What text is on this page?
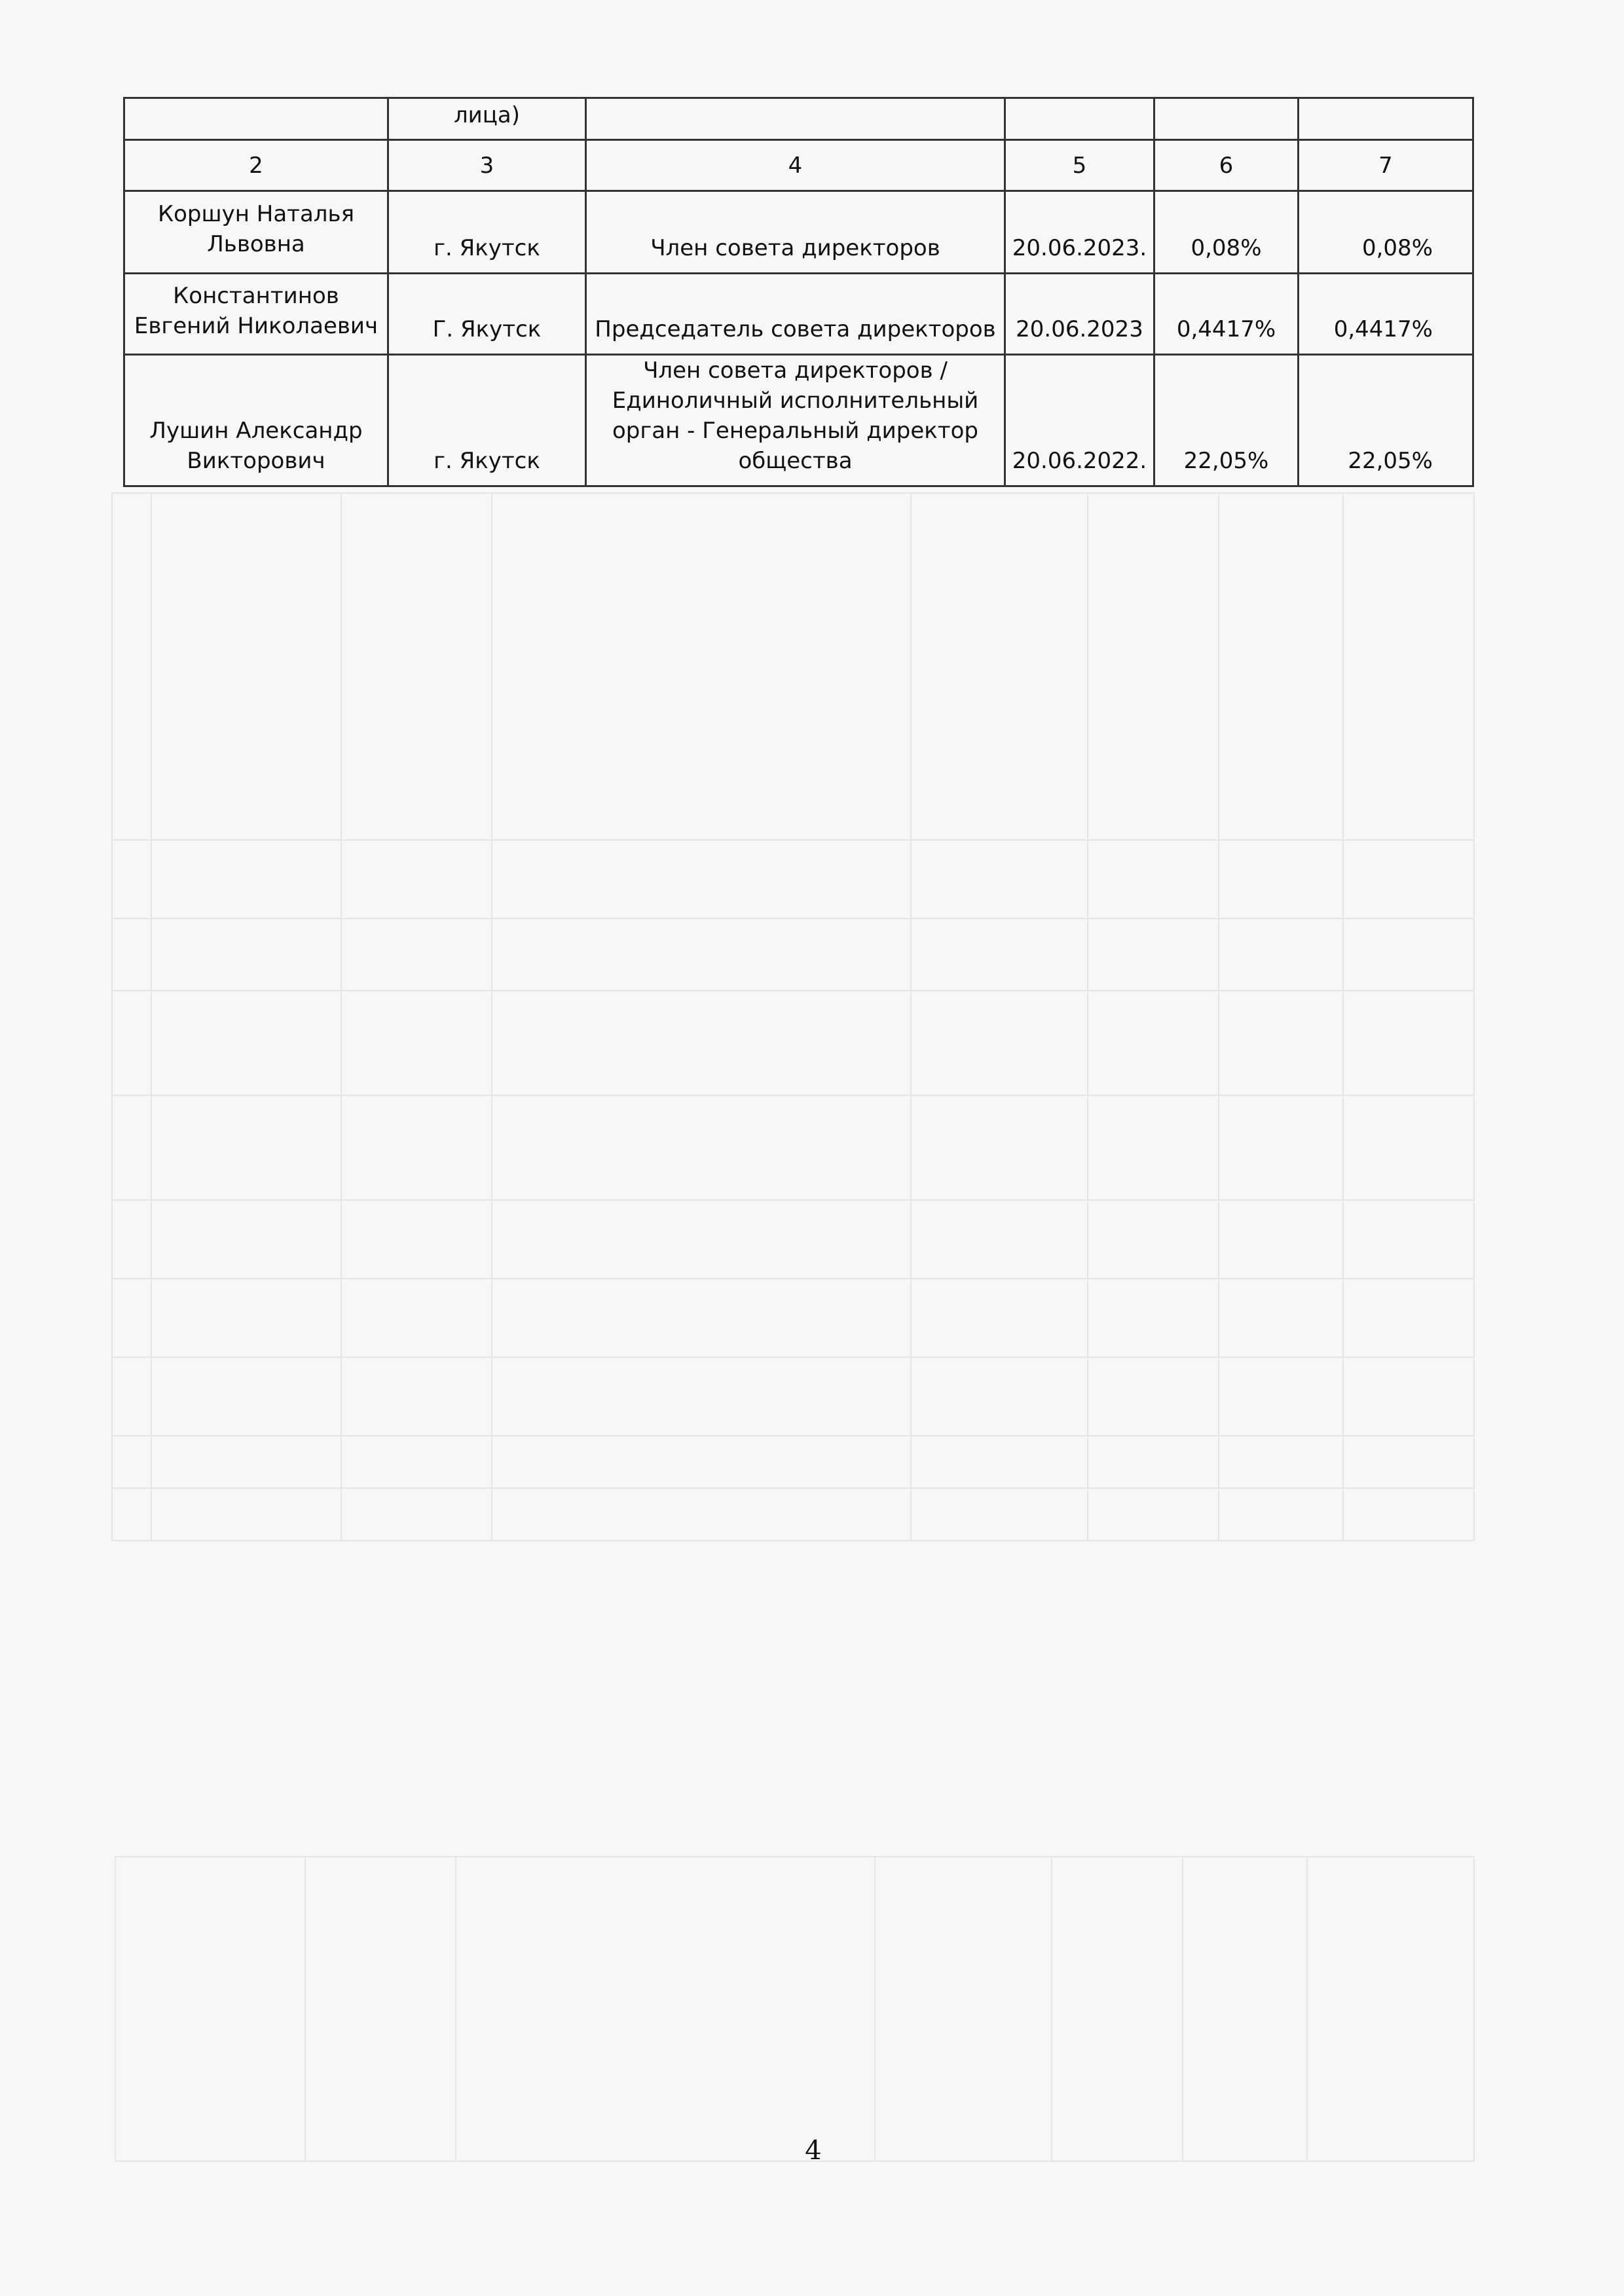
	лица)				
2	3	4	5	6	7
Коршун Наталья Львовна	г. Якутск	Член совета директоров	20.06.2023.	0,08%	0,08%
Константинов Евгений Николаевич	Г. Якутск	Председатель совета директоров	20.06.2023	0,4417%	0,4417%
Лушин Александр Викторович	г. Якутск	Член совета директоров / Единоличный исполнительный орган - Генеральный директор общества	20.06.2022.	22,05%	22,05%
4
